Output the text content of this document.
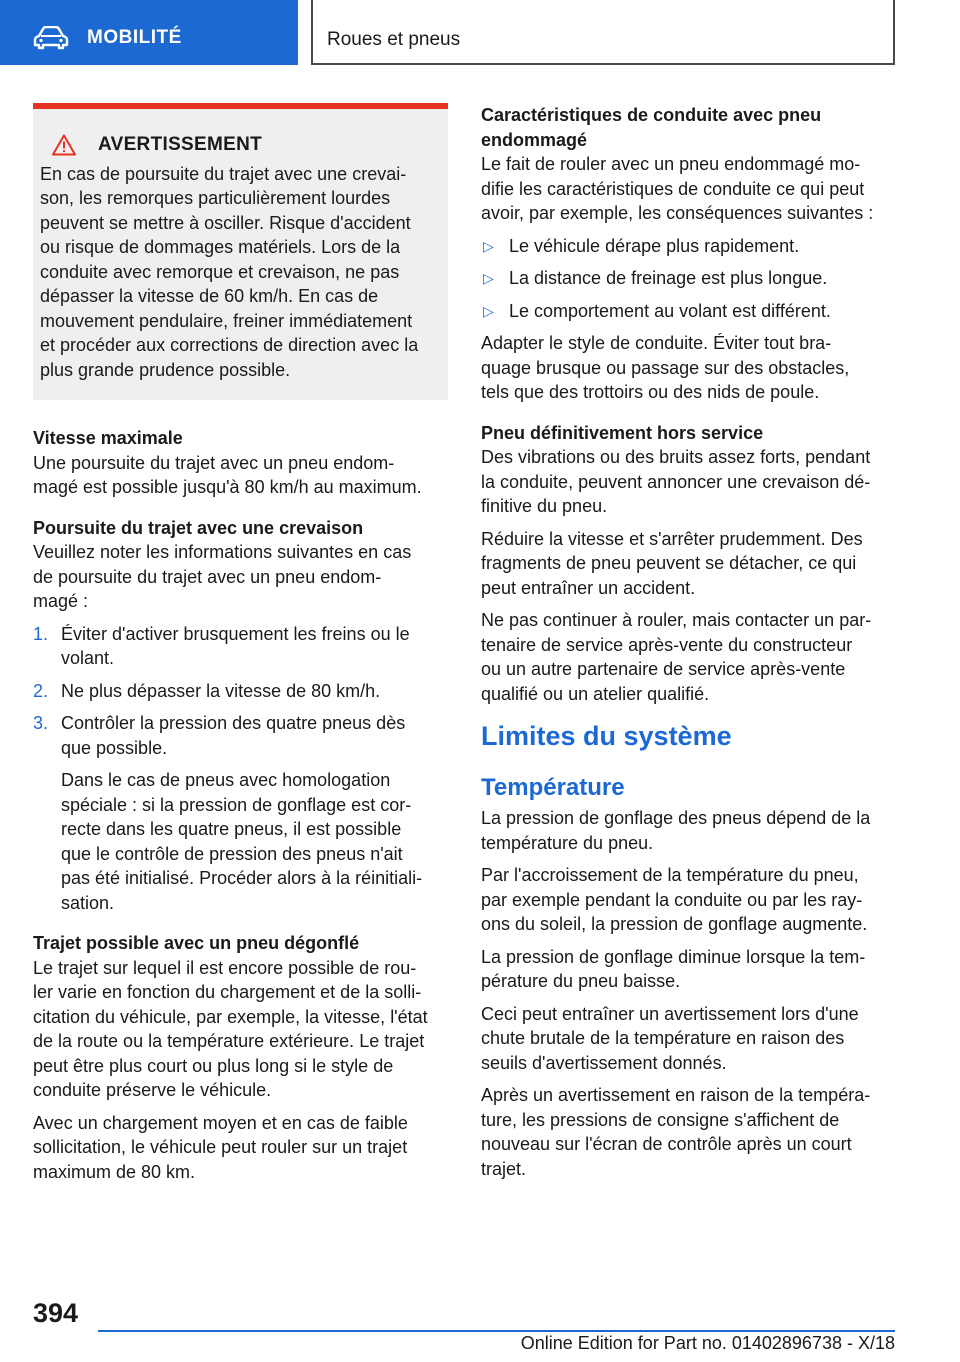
MOBILITÉ	Roues et pneus
AVERTISSEMENT
En cas de poursuite du trajet avec une crevai‐
son, les remorques particulièrement lourdes
peuvent se mettre à osciller. Risque d'accident
ou risque de dommages matériels. Lors de la
conduite avec remorque et crevaison, ne pas
dépasser la vitesse de 60 km/h. En cas de
mouvement pendulaire, freiner immédiatement
et procéder aux corrections de direction avec la
plus grande prudence possible.
Vitesse maximale
Une poursuite du trajet avec un pneu endom‐
magé est possible jusqu'à 80 km/h au maximum.
Poursuite du trajet avec une crevaison
Veuillez noter les informations suivantes en cas
de poursuite du trajet avec un pneu endom‐
magé :
1. Éviter d'activer brusquement les freins ou le
volant.
2. Ne plus dépasser la vitesse de 80 km/h.
3. Contrôler la pression des quatre pneus dès
que possible.
Dans le cas de pneus avec homologation
spéciale : si la pression de gonflage est cor‐
recte dans les quatre pneus, il est possible
que le contrôle de pression des pneus n'ait
pas été initialisé. Procéder alors à la réinitiali‐
sation.
Trajet possible avec un pneu dégonflé
Le trajet sur lequel il est encore possible de rou‐
ler varie en fonction du chargement et de la solli‐
citation du véhicule, par exemple, la vitesse, l'état
de la route ou la température extérieure. Le trajet
peut être plus court ou plus long si le style de
conduite préserve le véhicule.
Avec un chargement moyen et en cas de faible
sollicitation, le véhicule peut rouler sur un trajet
maximum de 80 km.
Caractéristiques de conduite avec pneu
endommagé
Le fait de rouler avec un pneu endommagé mo‐
difie les caractéristiques de conduite ce qui peut
avoir, par exemple, les conséquences suivantes :
▷ Le véhicule dérape plus rapidement.
▷ La distance de freinage est plus longue.
▷ Le comportement au volant est différent.
Adapter le style de conduite. Éviter tout bra‐
quage brusque ou passage sur des obstacles,
tels que des trottoirs ou des nids de poule.
Pneu définitivement hors service
Des vibrations ou des bruits assez forts, pendant
la conduite, peuvent annoncer une crevaison dé‐
finitive du pneu.
Réduire la vitesse et s'arrêter prudemment. Des
fragments de pneu peuvent se détacher, ce qui
peut entraîner un accident.
Ne pas continuer à rouler, mais contacter un par‐
tenaire de service après-vente du constructeur
ou un autre partenaire de service après-vente
qualifié ou un atelier qualifié.
Limites du système
Température
La pression de gonflage des pneus dépend de la
température du pneu.
Par l'accroissement de la température du pneu,
par exemple pendant la conduite ou par les ray‐
ons du soleil, la pression de gonflage augmente.
La pression de gonflage diminue lorsque la tem‐
pérature du pneu baisse.
Ceci peut entraîner un avertissement lors d'une
chute brutale de la température en raison des
seuils d'avertissement donnés.
Après un avertissement en raison de la tempéra‐
ture, les pressions de consigne s'affichent de
nouveau sur l'écran de contrôle après un court
trajet.
394
Online Edition for Part no. 01402896738 - X/18
